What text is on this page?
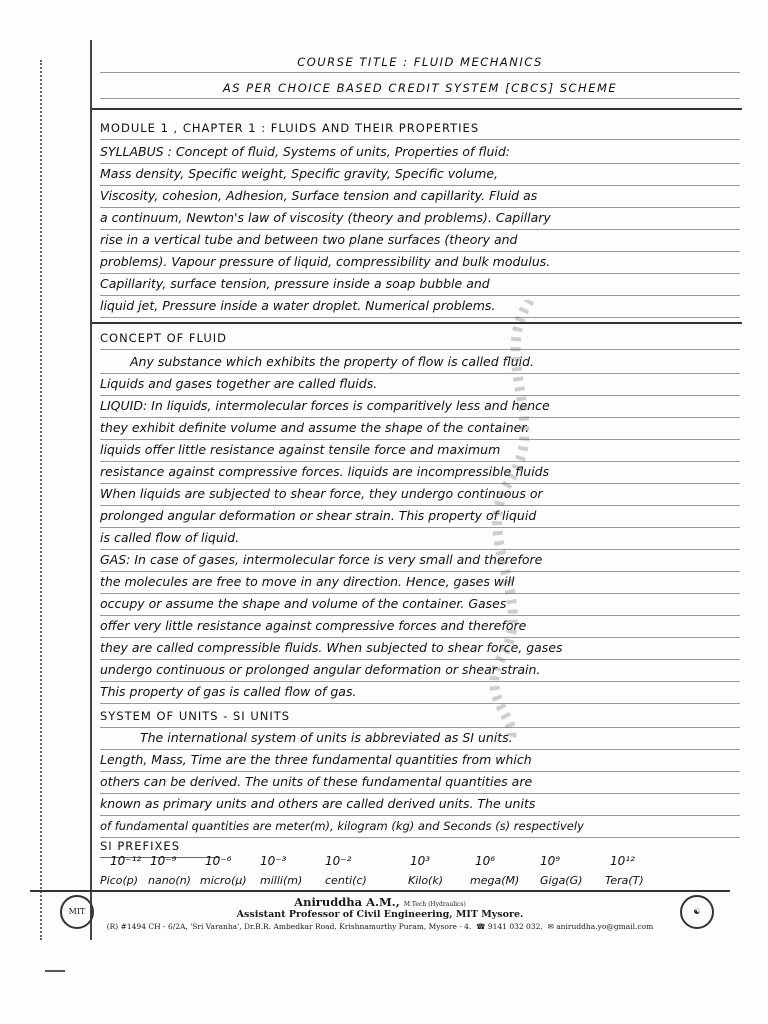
COURSE TITLE : FLUID MECHANICS
AS PER CHOICE BASED CREDIT SYSTEM [CBCS] SCHEME
MODULE 1 , CHAPTER 1 : FLUIDS AND THEIR PROPERTIES
SYLLABUS : Concept of fluid, Systems of units, Properties of fluid:
Mass density, Specific weight, Specific gravity, Specific volume,
Viscosity, cohesion, Adhesion, Surface tension and capillarity. Fluid as
a continuum, Newton's law of viscosity (theory and problems). Capillary
rise in a vertical tube and between two plane surfaces (theory and
problems). Vapour pressure of liquid, compressibility and bulk modulus.
Capillarity, surface tension, pressure inside a soap bubble and
liquid jet, Pressure inside a water droplet. Numerical problems.
CONCEPT OF FLUID
Any substance which exhibits the property of flow is called fluid.
Liquids and gases together are called fluids.
LIQUID: In liquids, intermolecular forces is comparitively less and hence
they exhibit definite volume and assume the shape of the container.
liquids offer little resistance against tensile force and maximum
resistance against compressive forces. liquids are incompressible fluids
When liquids are subjected to shear force, they undergo continuous or
prolonged angular deformation or shear strain. This property of liquid
is called flow of liquid.
GAS: In case of gases, intermolecular force is very small and therefore
the molecules are free to move in any direction. Hence, gases will
occupy or assume the shape and volume of the container. Gases
offer very little resistance against compressive forces and therefore
they are called compressible fluids. When subjected to shear force, gases
undergo continuous or prolonged angular deformation or shear strain.
This property of gas is called flow of gas.
SYSTEM OF UNITS - SI UNITS
The international system of units is abbreviated as SI units.
Length, Mass, Time are the three fundamental quantities from which
others can be derived. The units of these fundamental quantities are
known as primary units and others are called derived units. The units
of fundamental quantities are meter(m), kilogram (kg) and Seconds (s) respectively
SI PREFIXES
10⁻¹² 10⁻⁹ 10⁻⁶ 10⁻³	10⁻²	10³	10⁶	10⁹	10¹²
Pico(p) nano(n) micro(μ) milli(m) centi(c)	Kilo(k) mega(M) Giga(G) Tera(T)
MIT	☯
Aniruddha A.M., M.Tech (Hydraulics)
Assistant Professor of Civil Engineering, MIT Mysore.
(R) #1494 CH - 6/2A, 'Sri Varanha', Dr.B.R. Ambedkar Road, Krishnamurthy Puram, Mysore - 4. ☎ 9141 032 032, ✉ aniruddha.yo@gmail.com
